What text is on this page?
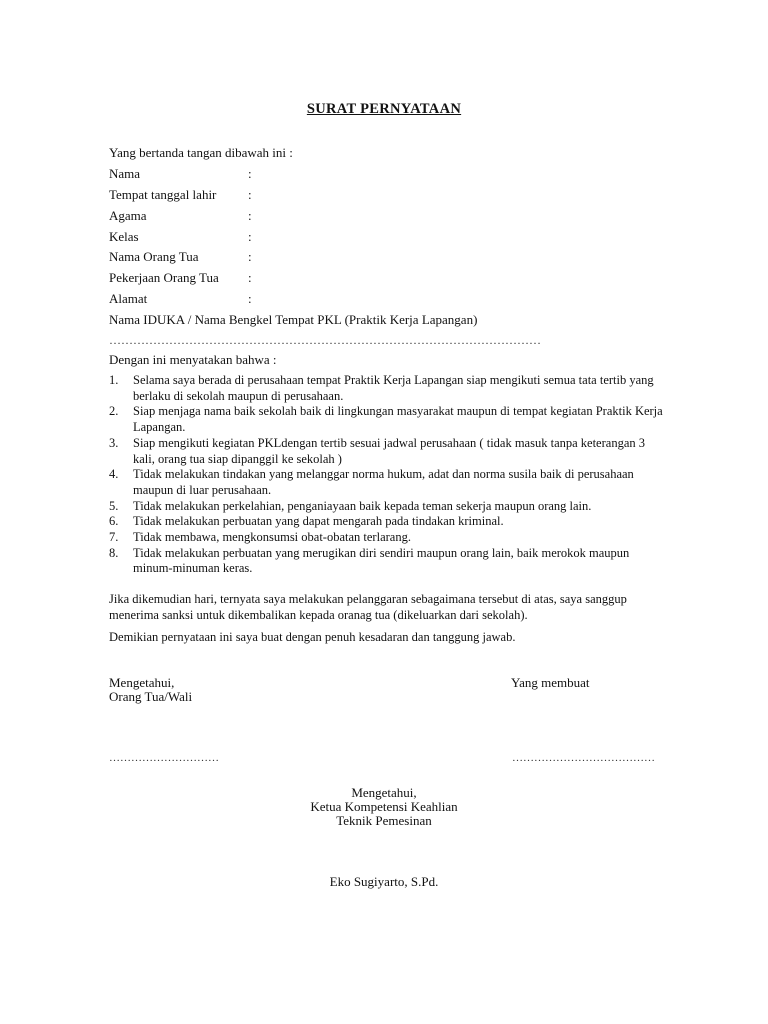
SURAT PERNYATAAN
Yang bertanda tangan dibawah ini :
Nama	:
Tempat tanggal lahir :
Agama	:
Kelas	:
Nama Orang Tua	:
Pekerjaan Orang Tua :
Alamat	:
Nama IDUKA / Nama Bengkel Tempat PKL (Praktik Kerja Lapangan)
………………………………………………………………………………………………
Dengan ini menyatakan bahwa :
1.	Selama saya berada di perusahaan tempat Praktik Kerja Lapangan siap mengikuti semua tata tertib yang berlaku di sekolah maupun di perusahaan.
2.	Siap menjaga nama baik sekolah baik di lingkungan masyarakat maupun di tempat kegiatan Praktik Kerja Lapangan.
3.	Siap mengikuti kegiatan PKLdengan tertib sesuai jadwal perusahaan ( tidak masuk tanpa keterangan 3 kali, orang tua siap dipanggil ke sekolah )
4.	Tidak melakukan tindakan yang melanggar norma hukum, adat dan norma susila baik di perusahaan maupun di luar perusahaan.
5.	Tidak melakukan perkelahian, penganiayaan baik kepada teman sekerja maupun orang lain.
6.	Tidak melakukan perbuatan yang dapat mengarah pada tindakan kriminal.
7.	Tidak membawa, mengkonsumsi obat-obatan terlarang.
8.	Tidak melakukan perbuatan yang merugikan diri sendiri maupun orang lain, baik merokok maupun minum-minuman keras.
Jika dikemudian hari, ternyata saya melakukan pelanggaran sebagaimana tersebut di atas, saya sanggup menerima sanksi untuk dikembalikan kepada oranag tua (dikeluarkan dari sekolah).
Demikian pernyataan ini saya buat dengan penuh kesadaran dan tanggung jawab.
Mengetahui,
Orang Tua/Wali
…………………………
Yang membuat
…………………………………
Mengetahui,
Ketua Kompetensi Keahlian
Teknik Pemesinan
Eko Sugiyarto, S.Pd.
